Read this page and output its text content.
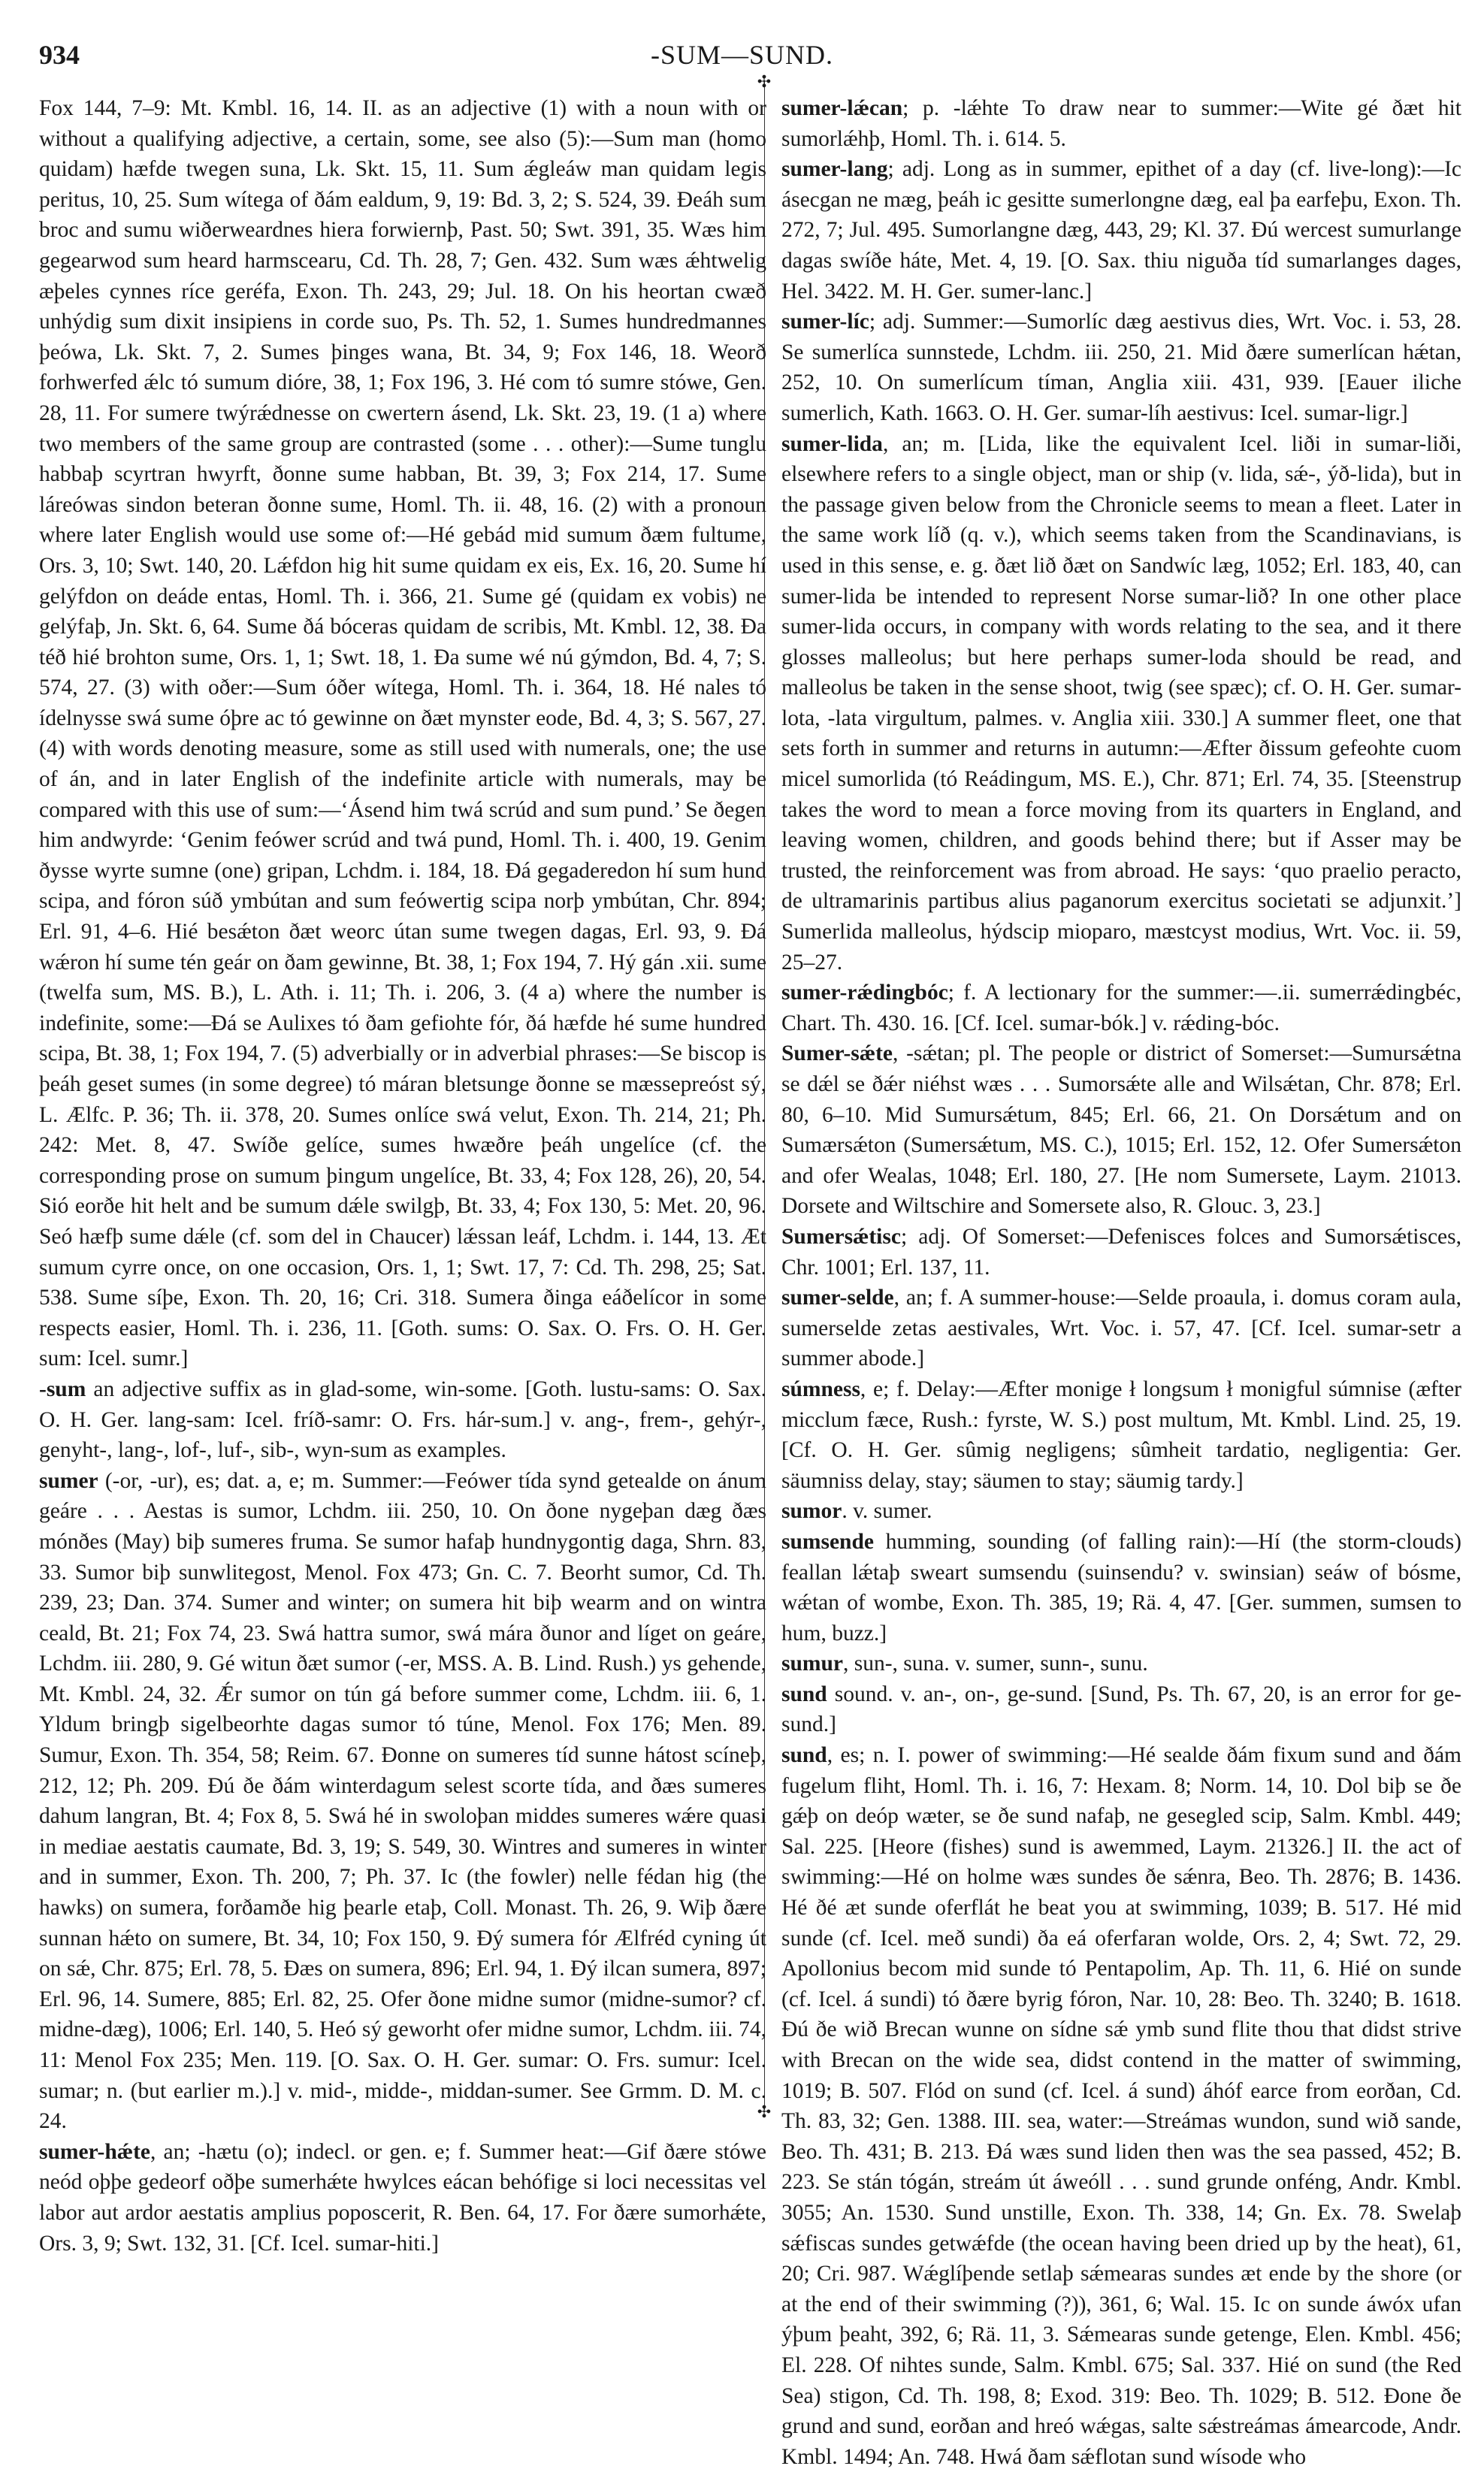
934	-SUM—SUND.
✣
✣

Fox 144, 7–9: Mt. Kmbl. 16, 14. II. as an adjective (1) with a noun with or without a qualifying adjective, a certain, some, see also (5):—Sum man (homo quidam) hæfde twegen suna, Lk. Skt. 15, 11. Sum ǽgleáw man quidam legis peritus, 10, 25. Sum wítega of ðám ealdum, 9, 19: Bd. 3, 2; S. 524, 39. Ðeáh sum broc and sumu wiðerweardnes hiera forwiernþ, Past. 50; Swt. 391, 35. Wæs him gegearwod sum heard harmscearu, Cd. Th. 28, 7; Gen. 432. Sum wæs ǽhtwelig æþeles cynnes ríce geréfa, Exon. Th. 243, 29; Jul. 18. On his heortan cwæð unhýdig sum dixit insipiens in corde suo, Ps. Th. 52, 1. Sumes hundredmannes þeówa, Lk. Skt. 7, 2. Sumes þinges wana, Bt. 34, 9; Fox 146, 18. Weorð forhwerfed ǽlc tó sumum dióre, 38, 1; Fox 196, 3. Hé com tó sumre stówe, Gen. 28, 11. For sumere twýrǽdnesse on cwertern ásend, Lk. Skt. 23, 19. (1 a) where two members of the same group are contrasted (some . . . other):—Sume tunglu habbaþ scyrtran hwyrft, ðonne sume habban, Bt. 39, 3; Fox 214, 17. Sume láreówas sindon beteran ðonne sume, Homl. Th. ii. 48, 16. (2) with a pronoun where later English would use some of:—Hé gebád mid sumum ðæm fultume, Ors. 3, 10; Swt. 140, 20. Lǽfdon hig hit sume quidam ex eis, Ex. 16, 20. Sume hí gelýfdon on deáde entas, Homl. Th. i. 366, 21. Sume gé (quidam ex vobis) ne gelýfaþ, Jn. Skt. 6, 64. Sume ðá bóceras quidam de scribis, Mt. Kmbl. 12, 38. Ða téð hié brohton sume, Ors. 1, 1; Swt. 18, 1. Ða sume wé nú gýmdon, Bd. 4, 7; S. 574, 27. (3) with oðer:—Sum óðer wítega, Homl. Th. i. 364, 18. Hé nales tó ídelnysse swá sume óþre ac tó gewinne on ðæt mynster eode, Bd. 4, 3; S. 567, 27. (4) with words denoting measure, some as still used with numerals, one; the use of án, and in later English of the indefinite article with numerals, may be compared with this use of sum:—‘Ásend him twá scrúd and sum pund.’ Se ðegen him andwyrde: ‘Genim feówer scrúd and twá pund, Homl. Th. i. 400, 19. Genim ðysse wyrte sumne (one) gripan, Lchdm. i. 184, 18. Ðá gegaderedon hí sum hund scipa, and fóron súð ymbútan and sum feówertig scipa norþ ymbútan, Chr. 894; Erl. 91, 4–6. Hié besǽton ðæt weorc útan sume twegen dagas, Erl. 93, 9. Ðá wǽron hí sume tén geár on ðam gewinne, Bt. 38, 1; Fox 194, 7. Hý gán .xii. sume (twelfa sum, MS. B.), L. Ath. i. 11; Th. i. 206, 3. (4 a) where the number is indefinite, some:—Ðá se Aulixes tó ðam gefiohte fór, ðá hæfde hé sume hundred scipa, Bt. 38, 1; Fox 194, 7. (5) adverbially or in adverbial phrases:—Se biscop is þeáh geset sumes (in some degree) tó máran bletsunge ðonne se mæssepreóst sý, L. Ælfc. P. 36; Th. ii. 378, 20. Sumes onlíce swá velut, Exon. Th. 214, 21; Ph. 242: Met. 8, 47. Swíðe gelíce, sumes hwæðre þeáh ungelíce (cf. the corresponding prose on sumum þingum ungelíce, Bt. 33, 4; Fox 128, 26), 20, 54. Sió eorðe hit helt and be sumum dǽle swilgþ, Bt. 33, 4; Fox 130, 5: Met. 20, 96. Seó hæfþ sume dǽle (cf. som del in Chaucer) lǽssan leáf, Lchdm. i. 144, 13. Æt sumum cyrre once, on one occasion, Ors. 1, 1; Swt. 17, 7: Cd. Th. 298, 25; Sat. 538. Sume síþe, Exon. Th. 20, 16; Cri. 318. Sumera ðinga eáðelícor in some respects easier, Homl. Th. i. 236, 11. [Goth. sums: O. Sax. O. Frs. O. H. Ger. sum: Icel. sumr.]

-sum an adjective suffix as in glad-some, win-some. [Goth. lustu-sams: O. Sax. O. H. Ger. lang-sam: Icel. fríð-samr: O. Frs. hár-sum.] v. ang-, frem-, gehýr-, genyht-, lang-, lof-, luf-, sib-, wyn-sum as examples.

sumer (-or, -ur), es; dat. a, e; m. Summer:—Feówer tída synd getealde on ánum geáre . . . Aestas is sumor, Lchdm. iii. 250, 10. On ðone nygeþan dæg ðæs mónðes (May) biþ sumeres fruma. Se sumor hafaþ hundnygontig daga, Shrn. 83, 33. Sumor biþ sunwlitegost, Menol. Fox 473; Gn. C. 7. Beorht sumor, Cd. Th. 239, 23; Dan. 374. Sumer and winter; on sumera hit biþ wearm and on wintra ceald, Bt. 21; Fox 74, 23. Swá hattra sumor, swá mára ðunor and líget on geáre, Lchdm. iii. 280, 9. Gé witun ðæt sumor (-er, MSS. A. B. Lind. Rush.) ys gehende, Mt. Kmbl. 24, 32. Ǽr sumor on tún gá before summer come, Lchdm. iii. 6, 1. Yldum bringþ sigelbeorhte dagas sumor tó túne, Menol. Fox 176; Men. 89. Sumur, Exon. Th. 354, 58; Reim. 67. Ðonne on sumeres tíd sunne hátost scíneþ, 212, 12; Ph. 209. Ðú ðe ðám winterdagum selest scorte tída, and ðæs sumeres dahum langran, Bt. 4; Fox 8, 5. Swá hé in swoloþan middes sumeres wǽre quasi in mediae aestatis caumate, Bd. 3, 19; S. 549, 30. Wintres and sumeres in winter and in summer, Exon. Th. 200, 7; Ph. 37. Ic (the fowler) nelle fédan hig (the hawks) on sumera, forðamðe hig þearle etaþ, Coll. Monast. Th. 26, 9. Wiþ ðære sunnan hǽto on sumere, Bt. 34, 10; Fox 150, 9. Ðý sumera fór Ælfréd cyning út on sǽ, Chr. 875; Erl. 78, 5. Ðæs on sumera, 896; Erl. 94, 1. Ðý ilcan sumera, 897; Erl. 96, 14. Sumere, 885; Erl. 82, 25. Ofer ðone midne sumor (midne-sumor? cf. midne-dæg), 1006; Erl. 140, 5. Heó sý geworht ofer midne sumor, Lchdm. iii. 74, 11: Menol Fox 235; Men. 119. [O. Sax. O. H. Ger. sumar: O. Frs. sumur: Icel. sumar; n. (but earlier m.).] v. mid-, midde-, middan-sumer. See Grmm. D. M. c. 24.

sumer-hǽte, an; -hætu (o); indecl. or gen. e; f. Summer heat:—Gif ðære stówe neód oþþe gedeorf oðþe sumerhǽte hwylces eácan behófige si loci necessitas vel labor aut ardor aestatis amplius poposcerit, R. Ben. 64, 17. For ðære sumorhǽte, Ors. 3, 9; Swt. 132, 31. [Cf. Icel. sumar-hiti.]

sumer-lǽcan; p. -lǽhte To draw near to summer:—Wite gé ðæt hit sumorlǽhþ, Homl. Th. i. 614. 5.

sumer-lang; adj. Long as in summer, epithet of a day (cf. live-long):—Ic ásecgan ne mæg, þeáh ic gesitte sumerlongne dæg, eal þa earfeþu, Exon. Th. 272, 7; Jul. 495. Sumorlangne dæg, 443, 29; Kl. 37. Ðú wercest sumurlange dagas swíðe háte, Met. 4, 19. [O. Sax. thiu niguða tíd sumarlanges dages, Hel. 3422. M. H. Ger. sumer-lanc.]

sumer-líc; adj. Summer:—Sumorlíc dæg aestivus dies, Wrt. Voc. i. 53, 28. Se sumerlíca sunnstede, Lchdm. iii. 250, 21. Mid ðære sumerlícan hǽtan, 252, 10. On sumerlícum tíman, Anglia xiii. 431, 939. [Eauer iliche sumerlich, Kath. 1663. O. H. Ger. sumar-líh aestivus: Icel. sumar-ligr.]

sumer-lida, an; m. [Lida, like the equivalent Icel. liði in sumar-liði, elsewhere refers to a single object, man or ship (v. lida, sǽ-, ýð-lida), but in the passage given below from the Chronicle seems to mean a fleet. Later in the same work líð (q. v.), which seems taken from the Scandinavians, is used in this sense, e. g. ðæt lið ðæt on Sandwíc læg, 1052; Erl. 183, 40, can sumer-lida be intended to represent Norse sumar-lið? In one other place sumer-lida occurs, in company with words relating to the sea, and it there glosses malleolus; but here perhaps sumer-loda should be read, and malleolus be taken in the sense shoot, twig (see spæc); cf. O. H. Ger. sumar-lota, -lata virgultum, palmes. v. Anglia xiii. 330.] A summer fleet, one that sets forth in summer and returns in autumn:—Æfter ðissum gefeohte cuom micel sumorlida (tó Reádingum, MS. E.), Chr. 871; Erl. 74, 35. [Steenstrup takes the word to mean a force moving from its quarters in England, and leaving women, children, and goods behind there; but if Asser may be trusted, the reinforcement was from abroad. He says: ‘quo praelio peracto, de ultramarinis partibus alius paganorum exercitus societati se adjunxit.’] Sumerlida malleolus, hýdscip mioparo, mæstcyst modius, Wrt. Voc. ii. 59, 25–27.

sumer-rǽdingbóc; f. A lectionary for the summer:—.ii. sumerrǽdingbéc, Chart. Th. 430. 16. [Cf. Icel. sumar-bók.] v. rǽding-bóc.

Sumer-sǽte, -sǽtan; pl. The people or district of Somerset:—Sumursǽtna se dǽl se ðǽr niéhst wæs . . . Sumorsǽte alle and Wilsǽtan, Chr. 878; Erl. 80, 6–10. Mid Sumursǽtum, 845; Erl. 66, 21. On Dorsǽtum and on Sumærsǽton (Sumersǽtum, MS. C.), 1015; Erl. 152, 12. Ofer Sumersǽton and ofer Wealas, 1048; Erl. 180, 27. [He nom Sumersete, Laym. 21013. Dorsete and Wiltschire and Somersete also, R. Glouc. 3, 23.]

Sumersǽtisc; adj. Of Somerset:—Defenisces folces and Sumorsǽtisces, Chr. 1001; Erl. 137, 11.

sumer-selde, an; f. A summer-house:—Selde proaula, i. domus coram aula, sumerselde zetas aestivales, Wrt. Voc. i. 57, 47. [Cf. Icel. sumar-setr a summer abode.]

súmness, e; f. Delay:—Æfter monige ł longsum ł monigful súmnise (æfter micclum fæce, Rush.: fyrste, W. S.) post multum, Mt. Kmbl. Lind. 25, 19. [Cf. O. H. Ger. sûmig negligens; sûmheit tardatio, negligentia: Ger. säumniss delay, stay; säumen to stay; säumig tardy.]

sumor. v. sumer.

sumsende humming, sounding (of falling rain):—Hí (the storm-clouds) feallan lǽtaþ sweart sumsendu (suinsendu? v. swinsian) seáw of bósme, wǽtan of wombe, Exon. Th. 385, 19; Rä. 4, 47. [Ger. summen, sumsen to hum, buzz.]

sumur, sun-, suna. v. sumer, sunn-, sunu.

sund sound. v. an-, on-, ge-sund. [Sund, Ps. Th. 67, 20, is an error for ge-sund.]

sund, es; n. I. power of swimming:—Hé sealde ðám fixum sund and ðám fugelum fliht, Homl. Th. i. 16, 7: Hexam. 8; Norm. 14, 10. Dol biþ se ðe gǽþ on deóp wæter, se ðe sund nafaþ, ne gesegled scip, Salm. Kmbl. 449; Sal. 225. [Heore (fishes) sund is awemmed, Laym. 21326.] II. the act of swimming:—Hé on holme wæs sundes ðe sǽnra, Beo. Th. 2876; B. 1436. Hé ðé æt sunde oferflát he beat you at swimming, 1039; B. 517. Hé mid sunde (cf. Icel. með sundi) ða eá oferfaran wolde, Ors. 2, 4; Swt. 72, 29. Apollonius becom mid sunde tó Pentapolim, Ap. Th. 11, 6. Hié on sunde (cf. Icel. á sundi) tó ðære byrig fóron, Nar. 10, 28: Beo. Th. 3240; B. 1618. Ðú ðe wið Brecan wunne on sídne sǽ ymb sund flite thou that didst strive with Brecan on the wide sea, didst contend in the matter of swimming, 1019; B. 507. Flód on sund (cf. Icel. á sund) áhóf earce from eorðan, Cd. Th. 83, 32; Gen. 1388. III. sea, water:—Streámas wundon, sund wið sande, Beo. Th. 431; B. 213. Ðá wæs sund liden then was the sea passed, 452; B. 223. Se stán tógán, streám út áweóll . . . sund grunde onféng, Andr. Kmbl. 3055; An. 1530. Sund unstille, Exon. Th. 338, 14; Gn. Ex. 78. Swelaþ sǽfiscas sundes getwǽfde (the ocean having been dried up by the heat), 61, 20; Cri. 987. Wǽglíþende setlaþ sǽmearas sundes æt ende by the shore (or at the end of their swimming (?)), 361, 6; Wal. 15. Ic on sunde áwóx ufan ýþum þeaht, 392, 6; Rä. 11, 3. Sǽmearas sunde getenge, Elen. Kmbl. 456; El. 228. Of nihtes sunde, Salm. Kmbl. 675; Sal. 337. Hié on sund (the Red Sea) stigon, Cd. Th. 198, 8; Exod. 319: Beo. Th. 1029; B. 512. Ðone ðe grund and sund, eorðan and hreó wǽgas, salte sǽstreámas ámearcode, Andr. Kmbl. 1494; An. 748. Hwá ðam sǽflotan sund wísode who
